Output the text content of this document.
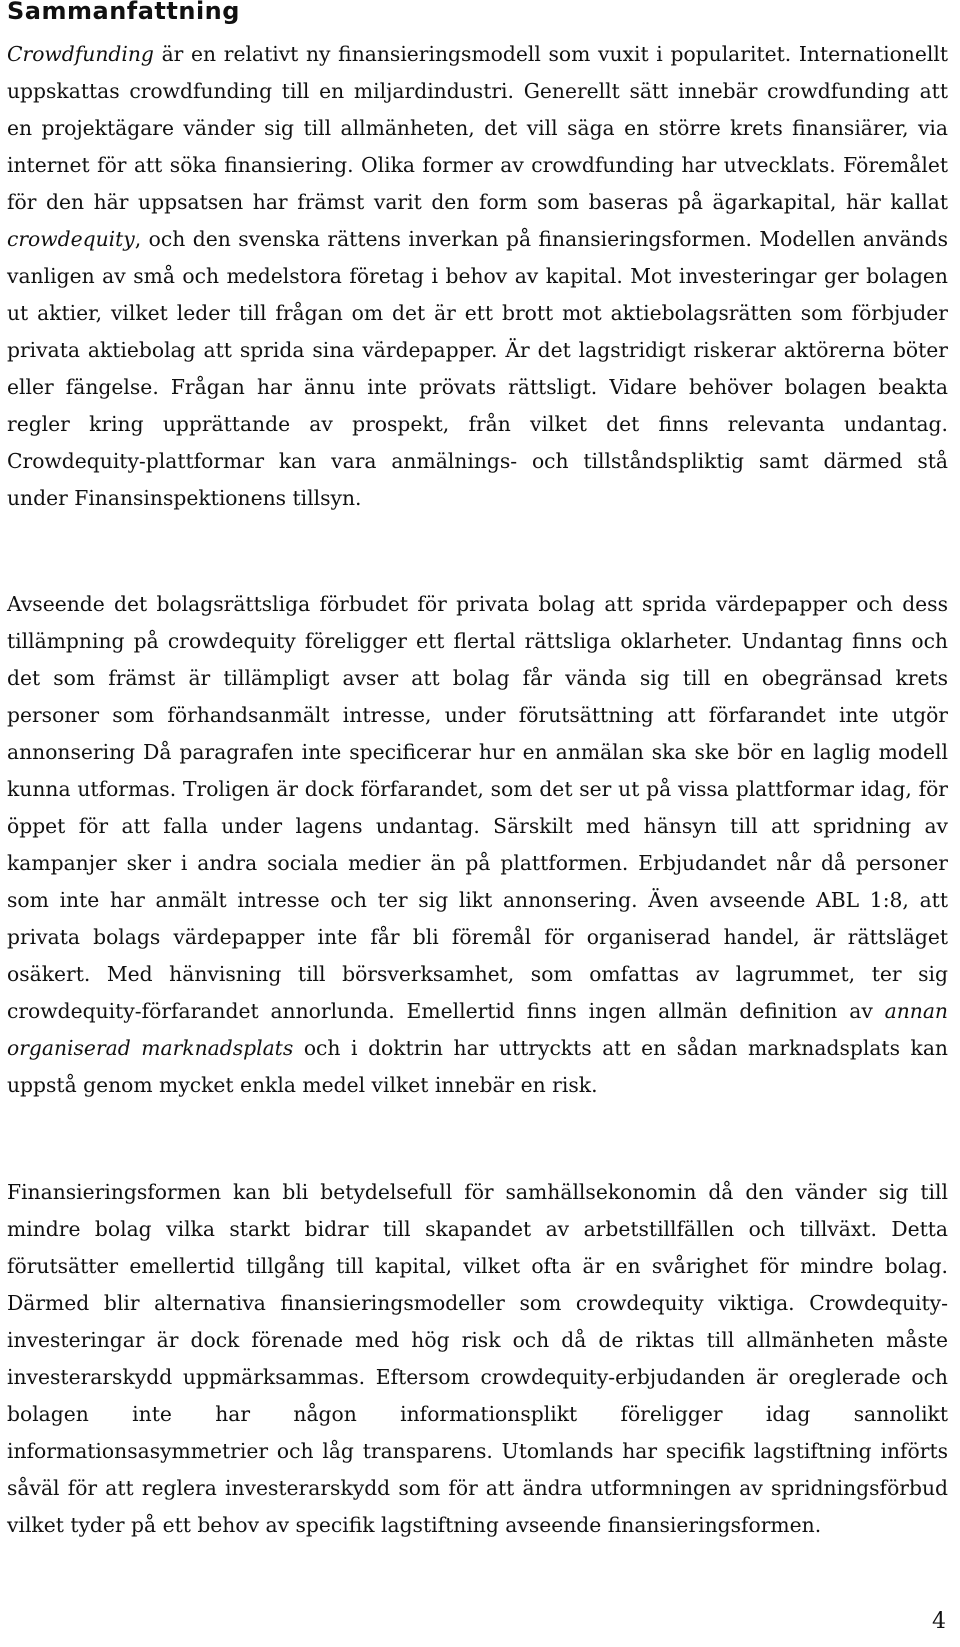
Sammanfattning

Crowdfunding är en relativt ny finansieringsmodell som vuxit i popularitet. Internationellt uppskattas crowdfunding till en miljardindustri. Generellt sätt innebär crowdfunding att en projektägare vänder sig till allmänheten, det vill säga en större krets finansiärer, via internet för att söka finansiering. Olika former av crowdfunding har utvecklats. Föremålet för den här uppsatsen har främst varit den form som baseras på ägarkapital, här kallat crowdequity, och den svenska rättens inverkan på finansieringsformen. Modellen används vanligen av små och medelstora företag i behov av kapital. Mot investeringar ger bolagen ut aktier, vilket leder till frågan om det är ett brott mot aktiebolagsrätten som förbjuder privata aktiebolag att sprida sina värdepapper. Är det lagstridigt riskerar aktörerna böter eller fängelse. Frågan har ännu inte prövats rättsligt. Vidare behöver bolagen beakta regler kring upprättande av prospekt, från vilket det finns relevanta undantag. Crowdequity-plattformar kan vara anmälnings- och tillståndspliktig samt därmed stå under Finansinspektionens tillsyn.

Avseende det bolagsrättsliga förbudet för privata bolag att sprida värdepapper och dess tillämpning på crowdequity föreligger ett flertal rättsliga oklarheter. Undantag finns och det som främst är tillämpligt avser att bolag får vända sig till en obegränsad krets personer som förhandsanmält intresse, under förutsättning att förfarandet inte utgör annonsering Då paragrafen inte specificerar hur en anmälan ska ske bör en laglig modell kunna utformas. Troligen är dock förfarandet, som det ser ut på vissa plattformar idag, för öppet för att falla under lagens undantag. Särskilt med hänsyn till att spridning av kampanjer sker i andra sociala medier än på plattformen. Erbjudandet når då personer som inte har anmält intresse och ter sig likt annonsering. Även avseende ABL 1:8, att privata bolags värdepapper inte får bli föremål för organiserad handel, är rättsläget osäkert. Med hänvisning till börsverksamhet, som omfattas av lagrummet, ter sig crowdequity-förfarandet annorlunda. Emellertid finns ingen allmän definition av annan organiserad marknadsplats och i doktrin har uttryckts att en sådan marknadsplats kan uppstå genom mycket enkla medel vilket innebär en risk.

Finansieringsformen kan bli betydelsefull för samhällsekonomin då den vänder sig till mindre bolag vilka starkt bidrar till skapandet av arbetstillfällen och tillväxt. Detta förutsätter emellertid tillgång till kapital, vilket ofta är en svårighet för mindre bolag. Därmed blir alternativa finansieringsmodeller som crowdequity viktiga. Crowdequity-investeringar är dock förenade med hög risk och då de riktas till allmänheten måste investerarskydd uppmärksammas. Eftersom crowdequity-erbjudanden är oreglerade och bolagen inte har någon informationsplikt föreligger idag sannolikt informationsasymmetrier och låg transparens. Utomlands har specifik lagstiftning införts såväl för att reglera investerarskydd som för att ändra utformningen av spridningsförbud vilket tyder på ett behov av specifik lagstiftning avseende finansieringsformen.

4
